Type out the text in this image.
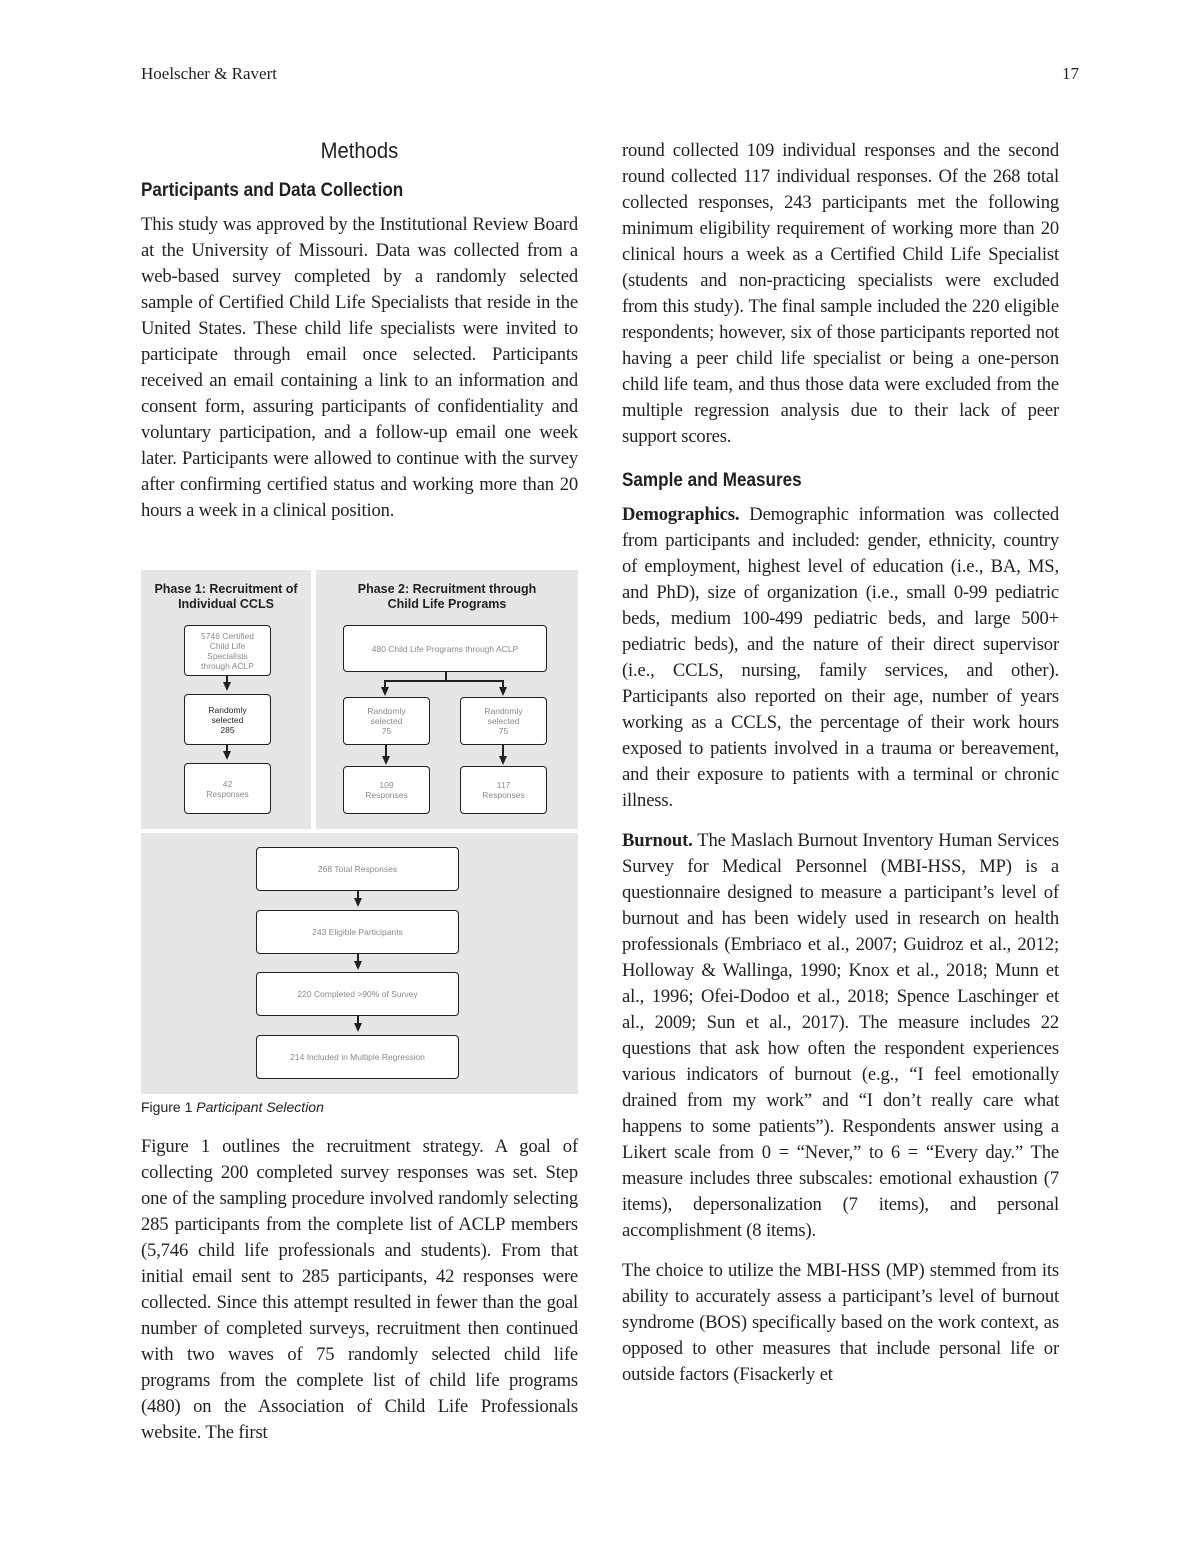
Hoelscher & Ravert	17
Methods
Participants and Data Collection

This study was approved by the Institutional Review Board at the University of Missouri. Data was collected from a web-based survey completed by a randomly selected sample of Certified Child Life Specialists that reside in the United States. These child life specialists were invited to participate through email once selected. Participants received an email containing a link to an information and consent form, assuring participants of confidentiality and voluntary participation, and a follow-up email one week later. Participants were allowed to continue with the survey after confirming certified status and working more than 20 hours a week in a clinical position.

Phase 1: Recruitment of
Individual CCLS
Phase 2: Recruitment through
Child Life Programs
5746 Certified
Child Life
Specialists
through ACLP
Randomly
selected
285
42
Responses
480 Child Life Programs through ACLP
Randomly
selected
75
Randomly
selected
75
109
Responses
117
Responses
268 Total Responses
243 Eligible Participants
220 Completed >90% of Survey
214 Included in Multiple Regression
Figure 1 Participant Selection

Figure 1 outlines the recruitment strategy. A goal of collecting 200 completed survey responses was set. Step one of the sampling procedure involved randomly selecting 285 participants from the complete list of ACLP members (5,746 child life professionals and students). From that initial email sent to 285 participants, 42 responses were collected. Since this attempt resulted in fewer than the goal number of completed surveys, recruitment then continued with two waves of 75 randomly selected child life programs from the complete list of child life programs (480) on the Association of Child Life Professionals website. The first

round collected 109 individual responses and the second round collected 117 individual responses. Of the 268 total collected responses, 243 participants met the following minimum eligibility requirement of working more than 20 clinical hours a week as a Certified Child Life Specialist (students and non-practicing specialists were excluded from this study). The final sample included the 220 eligible respondents; however, six of those participants reported not having a peer child life specialist or being a one-person child life team, and thus those data were excluded from the multiple regression analysis due to their lack of peer support scores.

Sample and Measures

Demographics. Demographic information was collected from participants and included: gender, ethnicity, country of employment, highest level of education (i.e., BA, MS, and PhD), size of organization (i.e., small 0-99 pediatric beds, medium 100-499 pediatric beds, and large 500+ pediatric beds), and the nature of their direct supervisor (i.e., CCLS, nursing, family services, and other). Participants also reported on their age, number of years working as a CCLS, the percentage of their work hours exposed to patients involved in a trauma or bereavement, and their exposure to patients with a terminal or chronic illness.

Burnout. The Maslach Burnout Inventory Human Services Survey for Medical Personnel (MBI-HSS, MP) is a questionnaire designed to measure a participant’s level of burnout and has been widely used in research on health professionals (Embriaco et al., 2007; Guidroz et al., 2012; Holloway & Wallinga, 1990; Knox et al., 2018; Munn et al., 1996; Ofei-Dodoo et al., 2018; Spence Laschinger et al., 2009; Sun et al., 2017). The measure includes 22 questions that ask how often the respondent experiences various indicators of burnout (e.g., “I feel emotionally drained from my work” and “I don’t really care what happens to some patients”). Respondents answer using a Likert scale from 0 = “Never,” to 6 = “Every day.” The measure includes three subscales: emotional exhaustion (7 items), depersonalization (7 items), and personal accomplishment (8 items).

The choice to utilize the MBI-HSS (MP) stemmed from its ability to accurately assess a participant’s level of burnout syndrome (BOS) specifically based on the work context, as opposed to other measures that include personal life or outside factors (Fisackerly et
